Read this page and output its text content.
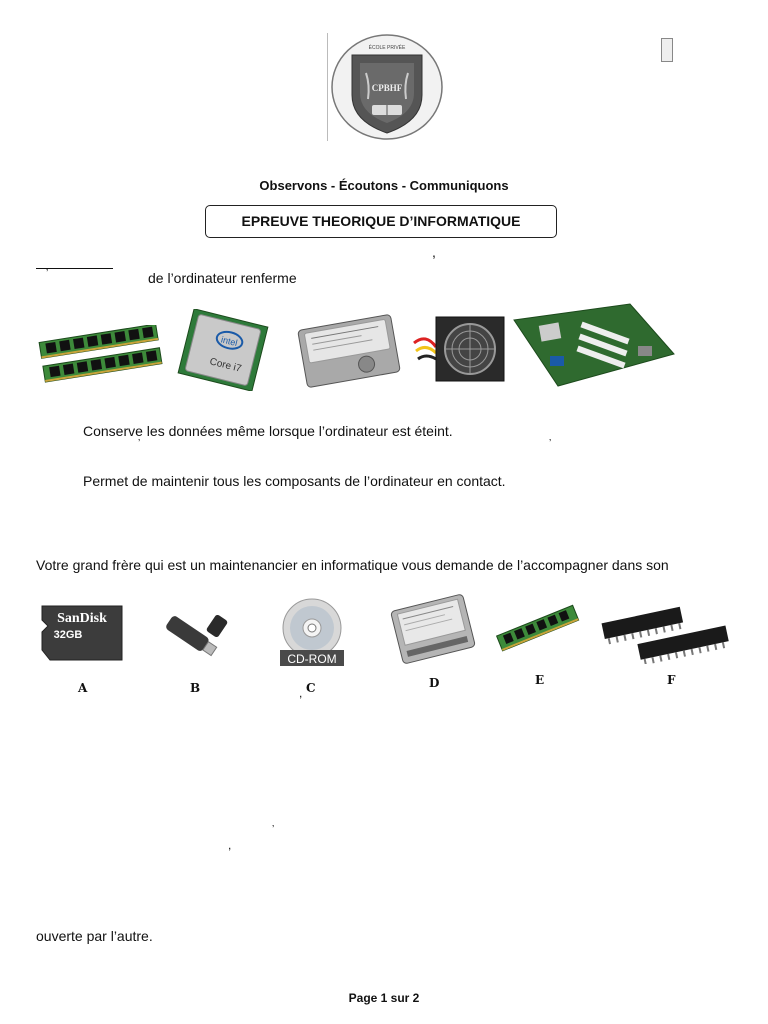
ÉCOLE PRIVÉE
CPBHF
Observons - Écoutons - Communiquons
EPREUVE THEORIQUE D’INFORMATIQUE
,
’	de l’ordinateur renferme
intel
Core i7
Conserve les données même lorsque l’ordinateur est éteint.
’	’
Permet de maintenir tous les composants de l’ordinateur en contact.
Votre grand frère qui est un maintenancier en informatique vous demande de l’accompagner dans son
SanDisk
32GB
CD-ROM
A	B	, C	D	E	F
’
,
ouverte par l’autre.
Page 1 sur 2
